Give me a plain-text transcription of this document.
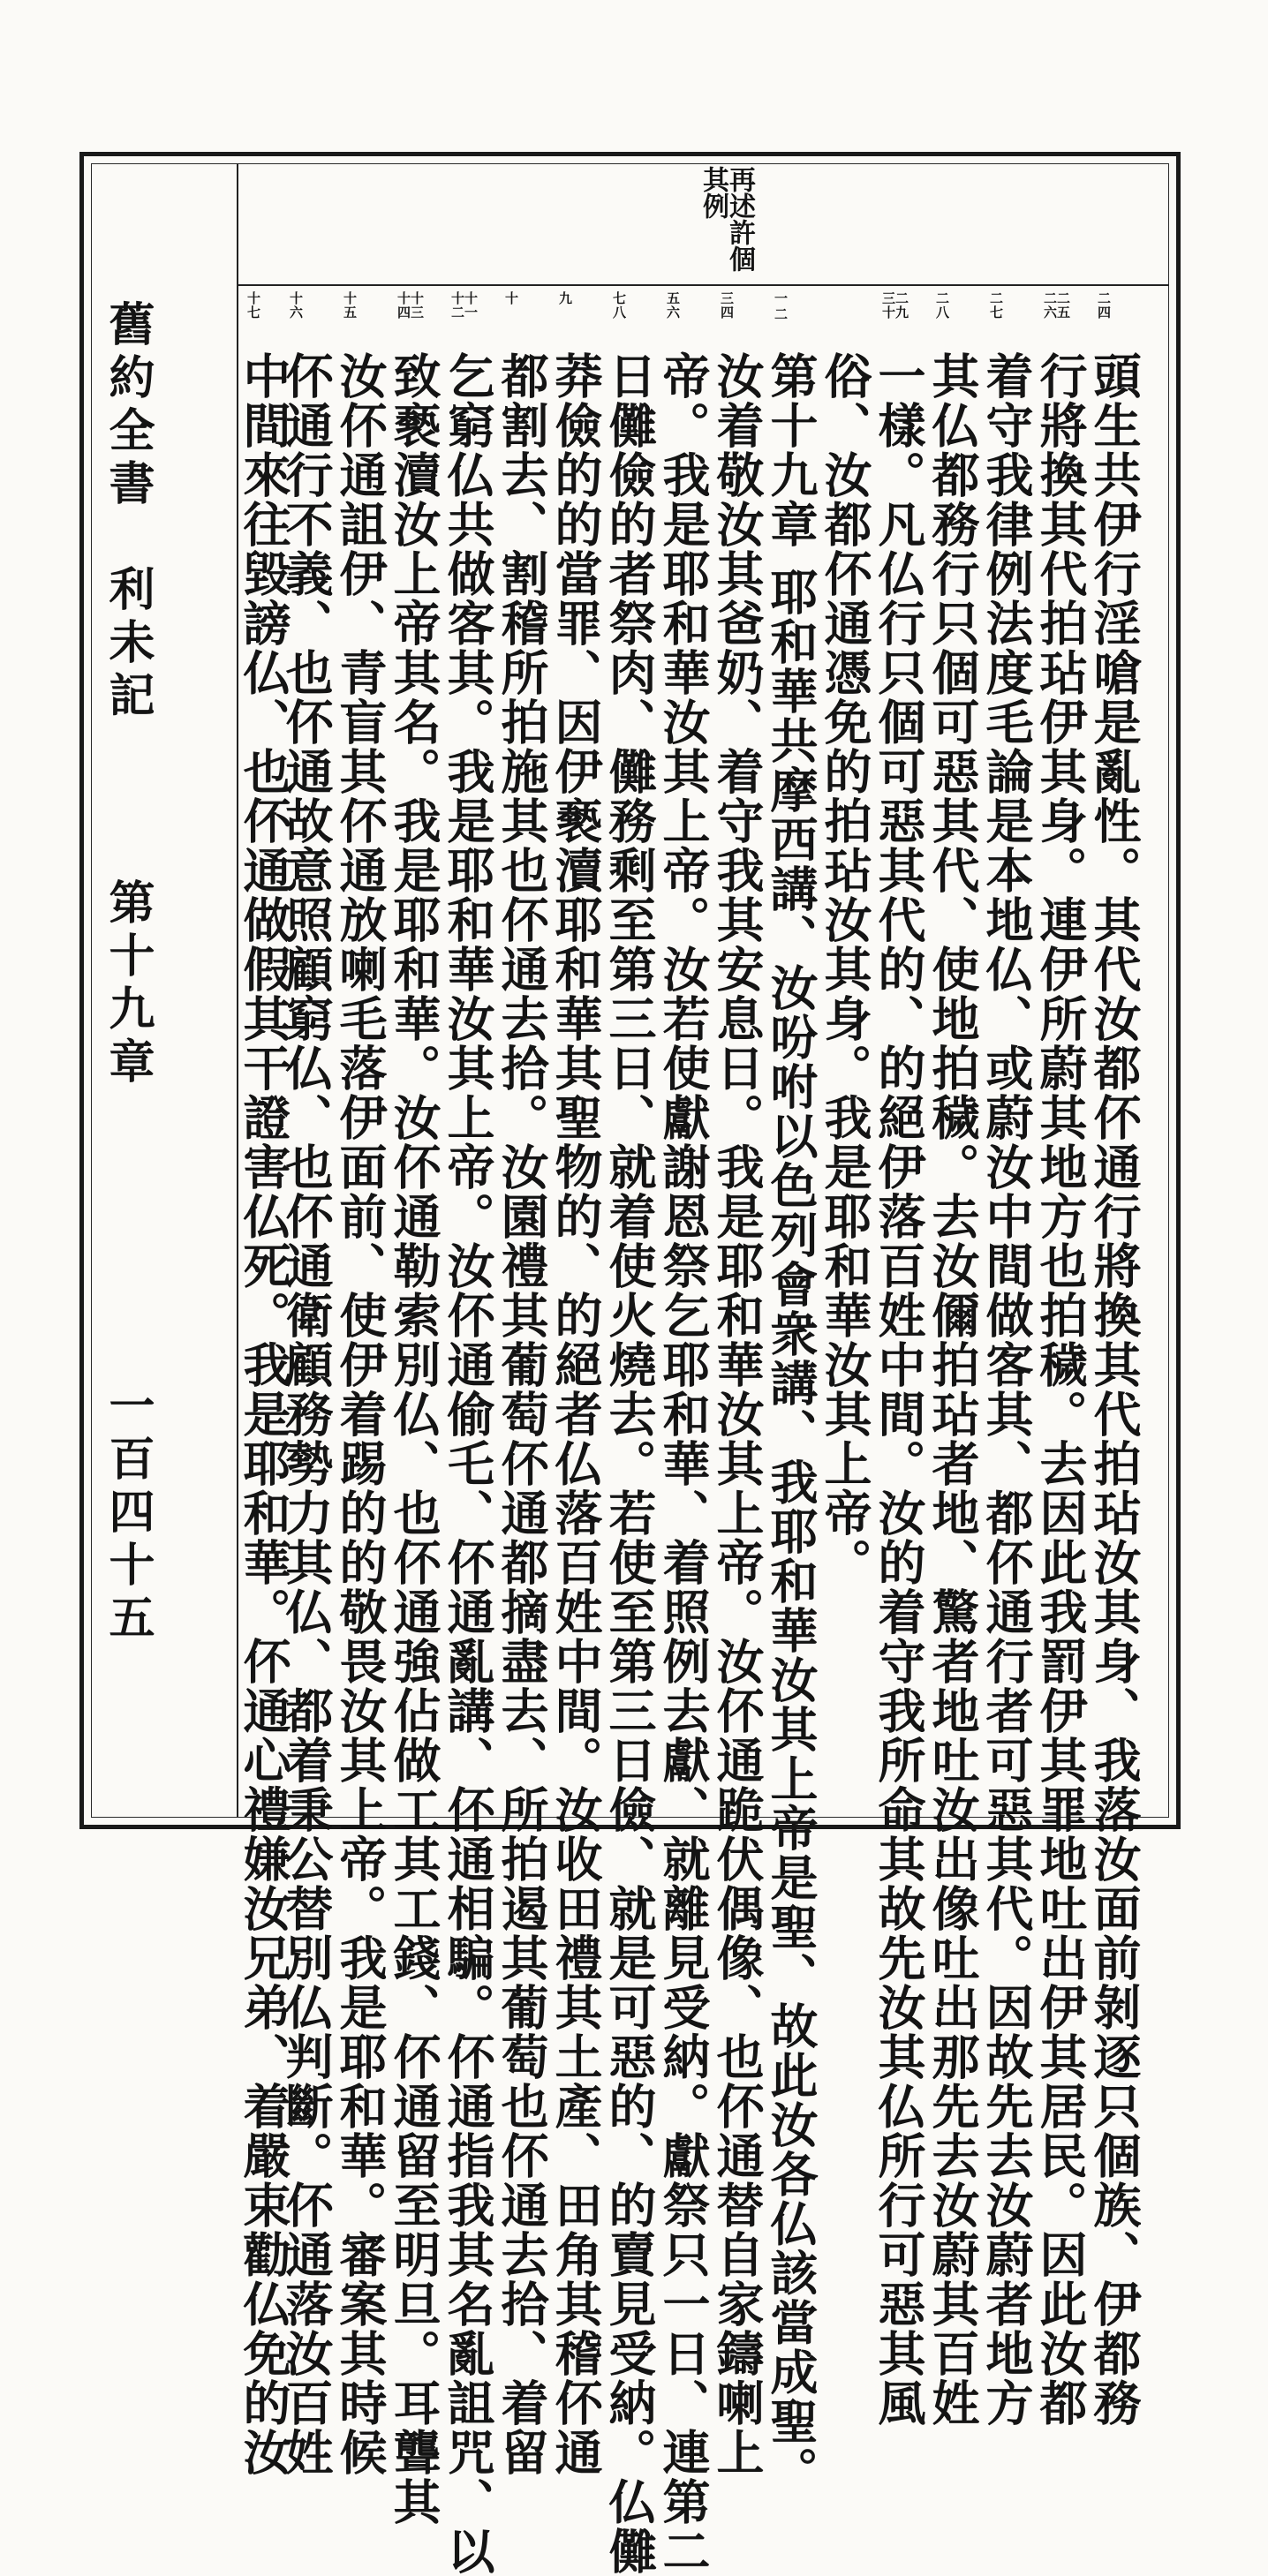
舊約全書利未記第十九章一百四十五
再述許個
其例
二四
二五二六
二七
二八
二九三十
一
二
三四
五六
七八
九
十
十一十二
十三十四
十五
十六
十七
頭生共伊行淫嗆是亂性。其代汝都伓通行將換其代拍玷汝其身、我落汝面前剝逐只個族、伊都務
行將換其代拍玷伊其身。連伊所蔚其地方也拍穢。去因此我罰伊其罪地吐出伊其居民。因此汝都
着守我律例法度毛論是本地仏、或蔚汝中間做客其、都伓通行者可惡其代。因故先去汝蔚者地方
其仏都務行只個可惡其代、使地拍穢。去汝儞拍玷者地、驚者地吐汝出像吐出那先去汝蔚其百姓
一樣。凡仏行只個可惡其代的、的絕伊落百姓中間。汝的着守我所命其故先汝其仏所行可惡其風
俗、汝都伓通憑免的拍玷汝其身。我是耶和華汝其上帝。
第十九章 耶和華共摩西講、汝吩咐以色列會衆講、我耶和華汝其上帝是聖、故此汝各仏該當成聖。
汝着敬汝其爸奶、着守我其安息日。我是耶和華汝其上帝。汝伓通跪伏偶像、也伓通替自家鑄喇上
帝。我是耶和華汝其上帝。汝若使獻謝恩祭乞耶和華、着照例去獻、就離見受納。獻祭只一日、連第二
日儺儉的者祭肉、儺務剩至第三日、就着使火燒去。若使至第三日儉、就是可惡的、的賣見受納。仏儺
莽儉的的當罪、因伊褻瀆耶和華其聖物的、的絕者仏落百姓中間。汝收田禮其土產、田角其稽伓通
都割去、割稽所拍施其也伓通去拾。汝園禮其葡萄伓通都摘盡去、所拍遏其葡萄也伓通去拾、着留
乞窮仏共做客其。我是耶和華汝其上帝。汝伓通偷乇、伓通亂講、伓通相騙。伓通指我其名亂詛咒、以
致褻瀆汝上帝其名。我是耶和華。汝伓通勒索別仏、也伓通強佔做工其工錢、伓通留至明旦。耳聾其
汝伓通詛伊、青盲其伓通放喇毛落伊面前、使伊着踢的的敬畏汝其上帝。我是耶和華。審案其時候
伓通行不義、也伓通故意照顧窮仏、也伓通衛顧務勢力其仏、都着秉公替別仏判斷。伓通落汝百姓
中間來往毀謗仏、也伓通做假其干證害仏死。我是耶和華。伓通心禮嫌汝兄弟、着嚴束勸仏免的汝
